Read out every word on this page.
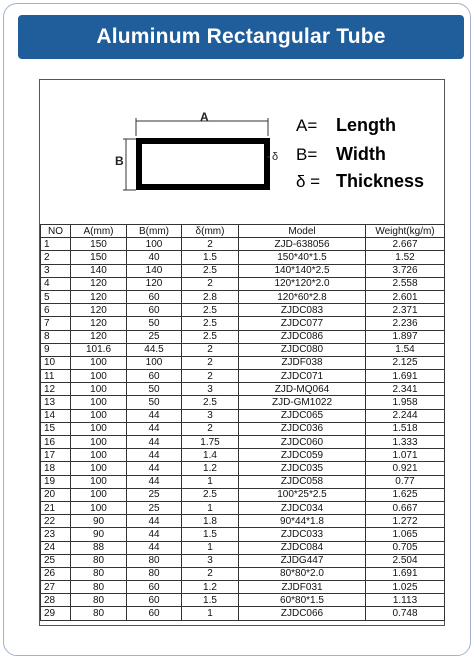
Aluminum Rectangular Tube
A
B	δ
A= Length
B= Width
δ = Thickness
NO	A(mm)	B(mm)	δ(mm)	Model	Weight(kg/m)
1	150	100	2	ZJD-638056	2.667
2	150	40	1.5	150*40*1.5	1.52
3	140	140	2.5	140*140*2.5	3.726
4	120	120	2	120*120*2.0	2.558
5	120	60	2.8	120*60*2.8	2.601
6	120	60	2.5	ZJDC083	2.371
7	120	50	2.5	ZJDC077	2.236
8	120	25	2.5	ZJDC086	1.897
9	101.6	44.5	2	ZJDC080	1.54
10	100	100	2	ZJDF038	2.125
11	100	60	2	ZJDC071	1.691
12	100	50	3	ZJD-MQ064	2.341
13	100	50	2.5	ZJD-GM1022	1.958
14	100	44	3	ZJDC065	2.244
15	100	44	2	ZJDC036	1.518
16	100	44	1.75	ZJDC060	1.333
17	100	44	1.4	ZJDC059	1.071
18	100	44	1.2	ZJDC035	0.921
19	100	44	1	ZJDC058	0.77
20	100	25	2.5	100*25*2.5	1.625
21	100	25	1	ZJDC034	0.667
22	90	44	1.8	90*44*1.8	1.272
23	90	44	1.5	ZJDC033	1.065
24	88	44	1	ZJDC084	0.705
25	80	80	3	ZJDG447	2.504
26	80	80	2	80*80*2.0	1.691
27	80	60	1.2	ZJDF031	1.025
28	80	60	1.5	60*80*1.5	1.113
29	80	60	1	ZJDC066	0.748
